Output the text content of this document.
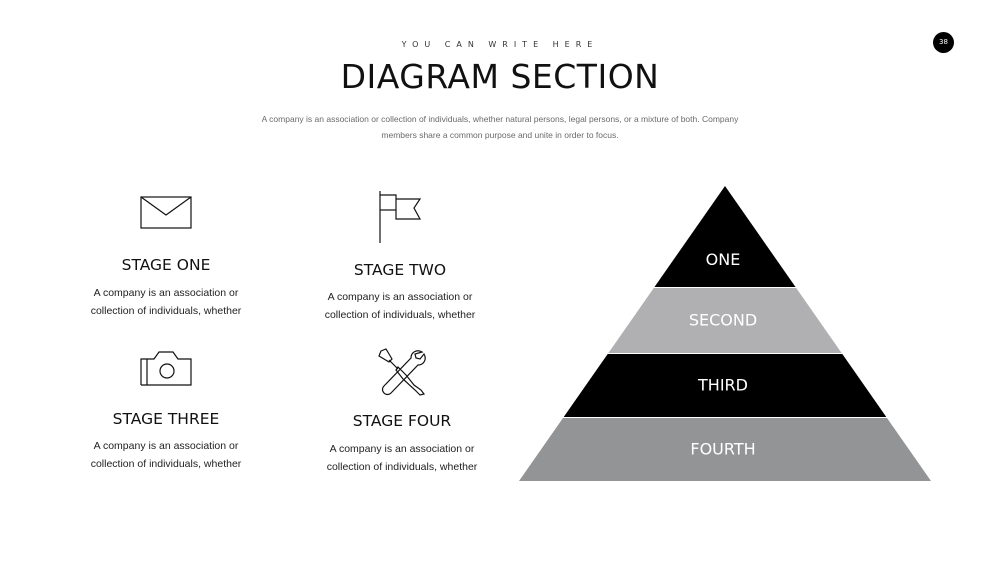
YOU CAN WRITE HERE
DIAGRAM SECTION
A company is an association or collection of individuals, whether natural persons, legal persons, or a mixture of both. Company
members share a common purpose and unite in order to focus.
38
STAGE ONE
A company is an association or
collection of individuals, whether
STAGE TWO
A company is an association or
collection of individuals, whether
STAGE THREE
A company is an association or
collection of individuals, whether
STAGE FOUR
A company is an association or
collection of individuals, whether
ONE
SECOND
THIRD
FOURTH
